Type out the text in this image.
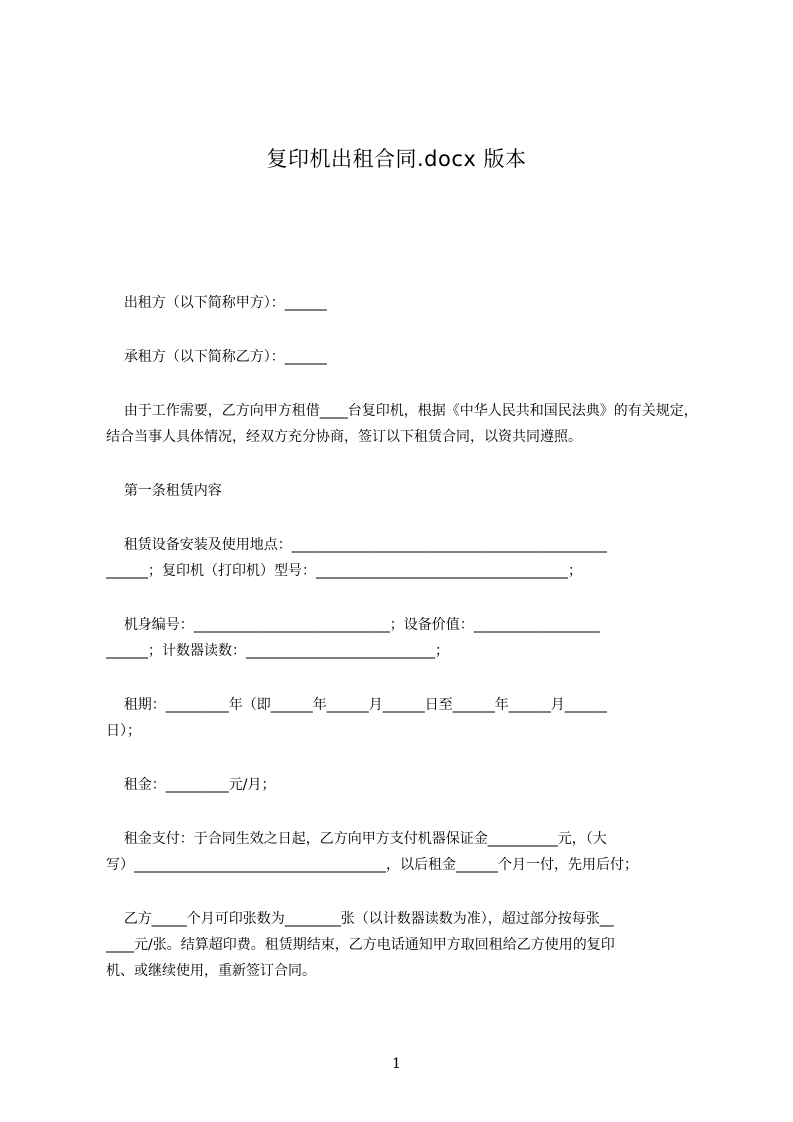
复印机出租合同.docx 版本

出租方（以下简称甲方）：______

承租方（以下简称乙方）：______

由于工作需要，乙方向甲方租借____台复印机，根据《中华人民共和国民法典》的有关规定，结合当事人具体情况，经双方充分协商，签订以下租赁合同，以资共同遵照。

第一条租赁内容

租赁设备安装及使用地点：_____________________________________________
______；复印机（打印机）型号：____________________________________；

机身编号：____________________________；设备价值：__________________
______；计数器读数：___________________________；

租期：_________年（即______年______月______日至______年______月______
日）；

租金：_________元/月；

租金支付：于合同生效之日起，乙方向甲方支付机器保证金__________元，（大
写）____________________________________，以后租金______个月一付，先用后付；

乙方_____个月可印张数为________张（以计数器读数为准），超过部分按每张__
____元/张。结算超印费。租赁期结束，乙方电话通知甲方取回租给乙方使用的复印
机、或继续使用，重新签订合同。

1
